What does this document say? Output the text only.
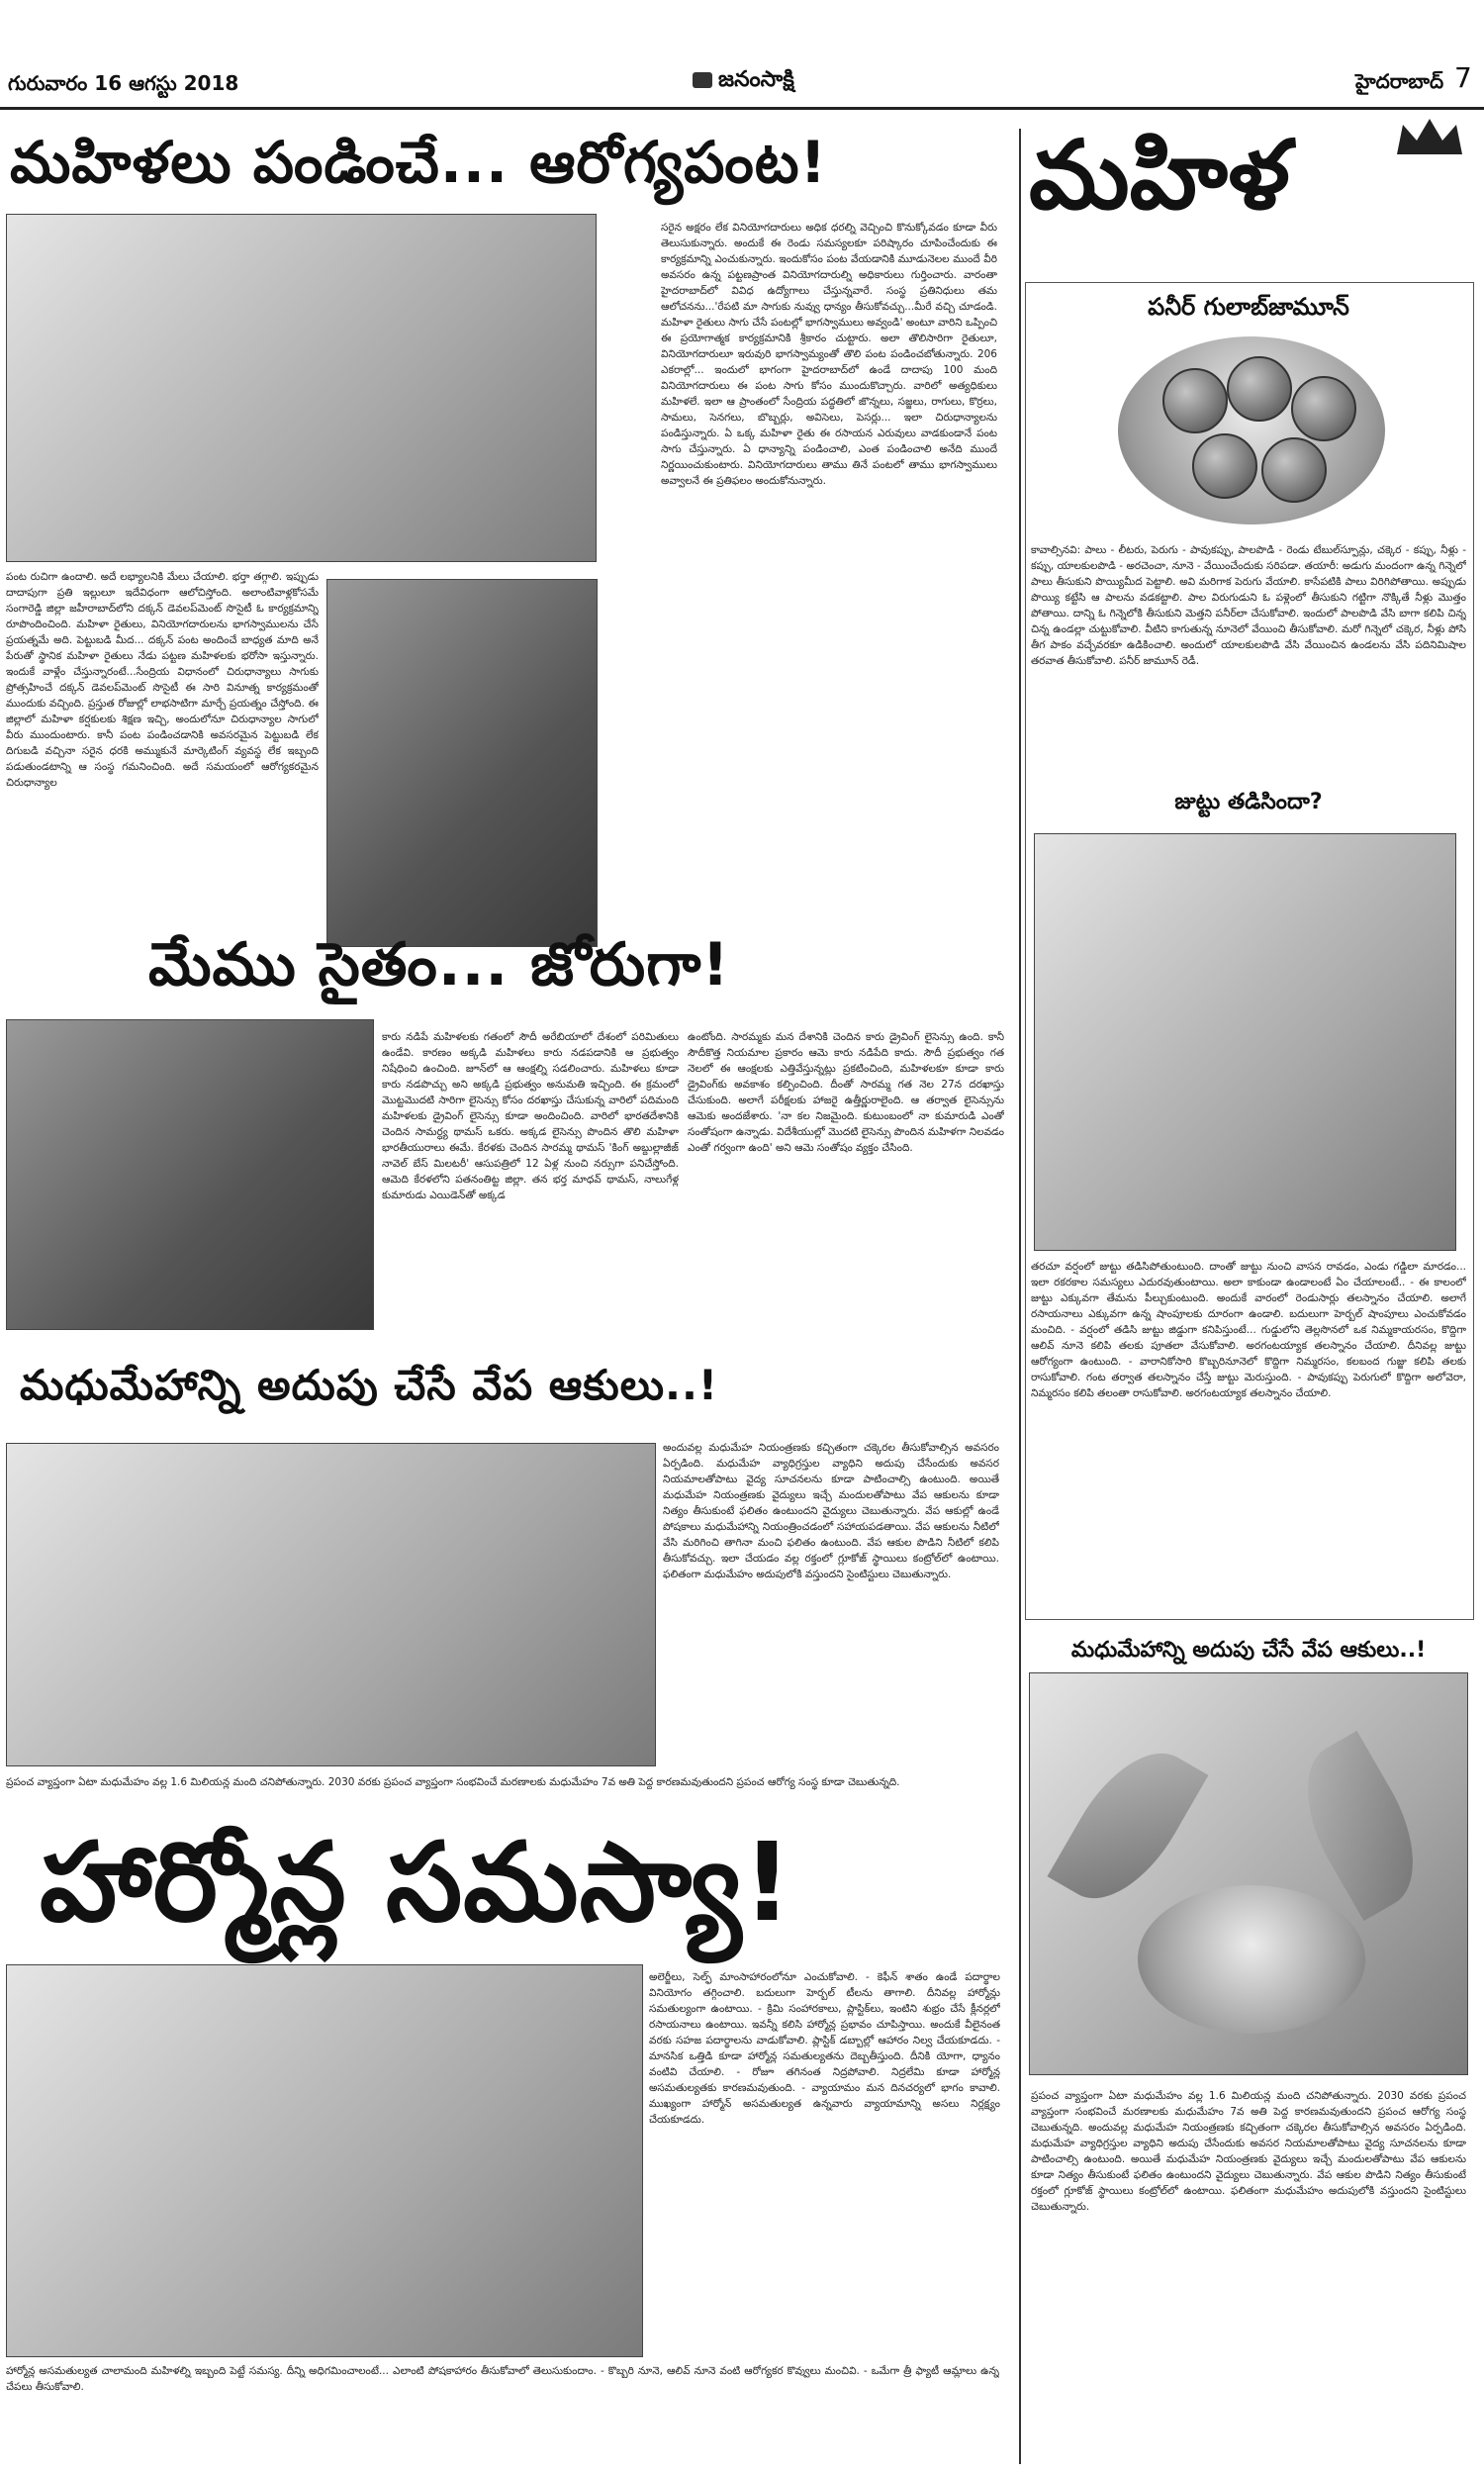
గురువారం 16 ఆగస్టు 2018	జనంసాక్షి	హైదరాబాద్ 7
మహిళలు పండించే... ఆరోగ్యపంట!
పంట రుచిగా ఉందాలి. అదే లభ్యాలనికి మేలు చేయాలి. భర్తా తగ్గాలి. ఇప్పుడు దాదాపుగా ప్రతి ఇల్లులూ ఇదేవిధంగా ఆలోచిస్తోంది. అలాంటివాళ్లకోసమే సంగారెడ్డి జిల్లా జహీరాబాద్‌లోని దక్కన్ డెవలప్‌మెంట్ సొసైటీ ఓ కార్యక్రమాన్ని రూపొందించింది. మహిళా రైతులు, వినియోగదారులను భాగస్వాములను చేసే ప్రయత్నమే అది. పెట్టుబడి మీద... దక్కన్ పంట అందించే బాధ్యత మాది అనే పేరుతో స్థానిక మహిళా రైతులు నేడు పట్టణ మహిళలకు భరోసా ఇస్తున్నారు. ఇందుకే వాళ్లేం చేస్తున్నారంటే...సేంద్రియ విధానంలో చిరుధాన్యాలు సాగుకు ప్రోత్సహించే దక్కన్ డెవలప్‌మెంట్ సొసైటీ ఈ సారి వినూత్న కార్యక్రమంతో ముందుకు వచ్చింది. ప్రస్తుత రోజుల్లో లాభసాటిగా మార్చే ప్రయత్నం చేస్తోంది. ఈ జిల్లాలో మహిళా కర్షకులకు శిక్షణ ఇచ్చి, అందులోనూ చిరుధాన్యాల సాగులో వీరు ముందుంటారు. కానీ పంట పండించడానికి అవసరమైన పెట్టుబడి లేక దిగుబడి వచ్చినా సరైన ధరకి అమ్ముకునే మార్కెటింగ్ వ్యవస్థ లేక ఇబ్బంది పడుతుండటాన్ని ఆ సంస్థ గమనించింది. అదే సమయంలో ఆరోగ్యకరమైన చిరుధాన్యాల
సరైన అక్షరం లేక వినియోగదారులు అధిక ధరల్ని వెచ్చించి కొనుక్కోవడం కూడా వీరు తెలుసుకున్నారు. అందుకే ఈ రెండు సమస్యలకూ పరిష్కారం చూపించేందుకు ఈ కార్యక్రమాన్ని ఎంచుకున్నారు. ఇందుకోసం పంట వేయడానికి మూడునెలల ముందే వీరి అవసరం ఉన్న పట్టణప్రాంత వినియోగదారుల్ని అధికారులు గుర్తించారు. వారంతా హైదరాబాద్‌లో వివిధ ఉద్యోగాలు చేస్తున్నవారే. సంస్థ ప్రతినిధులు తమ ఆలోచనను...'రేపటి మా సాగుకు నువ్వు ధాన్యం తీసుకోవచ్చు...మీరే వచ్చి చూడండి. మహిళా రైతులు సాగు చేసే పంటల్లో భాగస్వాములు అవ్వండి' అంటూ వారిని ఒప్పించి ఈ ప్రయోగాత్మక కార్యక్రమానికి శ్రీకారం చుట్టారు. అలా తొలిసారిగా రైతులూ, వినియోగదారులూ ఇరువురి భాగస్వామ్యంతో తొలి పంట పండించబోతున్నారు. 206 ఎకరాల్లో... ఇందులో భాగంగా హైదరాబాద్‌లో ఉండే దాదాపు 100 మంది వినియోగదారులు ఈ పంట సాగు కోసం ముందుకొచ్చారు. వారిలో అత్యధికులు మహిళలే. ఇలా ఆ ప్రాంతంలో సేంద్రియ పద్ధతిలో జొన్నలు, సజ్జలు, రాగులు, కొర్రలు, సామలు, సెనగలు, బొబ్బర్లు, అవిసెలు, పెసర్లు... ఇలా చిరుధాన్యాలను పండిస్తున్నారు. ఏ ఒక్క మహిళా రైతు ఈ రసాయన ఎరువులు వాడకుండానే పంట సాగు చేస్తున్నారు. ఏ ధాన్యాన్ని పండించాలి, ఎంత పండించాలి అనేది ముందే నిర్ణయించుకుంటారు. వినియోగదారులు తాము తినే పంటలో తాము భాగస్వాములు అవ్వాలనే ఈ ప్రతిఫలం అందుకోనున్నారు.
మేము సైతం... జోరుగా!
కారు నడిపే మహిళలకు గతంలో సౌదీ అరేబియాలో దేశంలో పరిమితులు ఉండేవి. కారణం అక్కడి మహిళలు కారు నడపడానికి ఆ ప్రభుత్వం నిషేధించి ఉంచింది. జూన్‌లో ఆ ఆంక్షల్ని సడలించారు. మహిళలు కూడా కారు నడపొచ్చు అని అక్కడి ప్రభుత్వం అనుమతి ఇచ్చింది. ఈ క్రమంలో మొట్టమొదటి సారిగా లైసెన్సు కోసం దరఖాస్తు చేసుకున్న వారిలో పదిమంది మహిళలకు డ్రైవింగ్ లైసెన్సు కూడా అందించింది. వారిలో భారతదేశానికి చెందిన సామర్ధ్య థామస్ ఒకరు. అక్కడ లైసెన్సు పొందిన తొలి మహిళా భారతీయురాలు ఈమే. కేరళకు చెందిన సారమ్మ థామస్ 'కింగ్ అబ్దుల్లాజీజ్ నావెల్ బేస్ మిలటరీ' ఆసుపత్రిలో 12 ఏళ్ల నుంచి నర్సుగా పనిచేస్తోంది. ఆమెది కేరళలోని పతనంతిట్ట జిల్లా. తన భర్త మాధవ్ థామస్, నాలుగేళ్ల కుమారుడు ఎయిడెన్‌తో అక్కడ
ఉంటోంది. సారమ్మకు మన దేశానికి చెందిన కారు డ్రైవింగ్ లైసెన్సు ఉంది. కానీ సౌదీకొత్త నియమాల ప్రకారం ఆమె కారు నడిపేది కాదు. సౌదీ ప్రభుత్వం గత నెలలో ఈ ఆంక్షలకు ఎత్తివేస్తున్నట్లు ప్రకటించింది, మహిళలకూ కూడా కారు డ్రైవింగ్‌కు అవకాశం కల్పించింది. దీంతో సారమ్మ గత నెల 27న దరఖాస్తు చేసుకుంది. అలాగే పరీక్షలకు హాజరై ఉత్తీర్ణురాలైంది. ఆ తర్వాత లైసెన్సును ఆమెకు అందజేశారు. 'నా కల నిజమైంది. కుటుంబంలో నా కుమారుడి ఎంతో సంతోషంగా ఉన్నాడు. విదేశీయుల్లో మొదటి లైసెన్సు పొందిన మహిళగా నిలవడం ఎంతో గర్వంగా ఉంది' అని ఆమె సంతోషం వ్యక్తం చేసింది.
మధుమేహాన్ని అదుపు చేసే వేప ఆకులు..!
అందువల్ల మధుమేహ నియంత్రణకు కచ్చితంగా చక్కెరల తీసుకోవాల్సిన అవసరం ఏర్పడింది. మధుమేహ వ్యాధిగ్రస్తుల వ్యాధిని అదుపు చేసేందుకు అవసర నియమాలతోపాటు వైద్య సూచనలను కూడా పాటించాల్సి ఉంటుంది. అయితే మధుమేహ నియంత్రణకు వైద్యులు ఇచ్చే మందులతోపాటు వేప ఆకులను కూడా నిత్యం తీసుకుంటే ఫలితం ఉంటుందని వైద్యులు చెబుతున్నారు. వేప ఆకుల్లో ఉండే పోషకాలు మధుమేహాన్ని నియంత్రించడంలో సహాయపడతాయి. వేప ఆకులను నీటిలో వేసి మరిగించి తాగినా మంచి ఫలితం ఉంటుంది. వేప ఆకుల పొడిని నీటిలో కలిపి తీసుకోవచ్చు. ఇలా చేయడం వల్ల రక్తంలో గ్లూకోజ్ స్థాయిలు కంట్రోల్‌లో ఉంటాయి. ఫలితంగా మధుమేహం అదుపులోకి వస్తుందని సైంటిస్టులు చెబుతున్నారు.
ప్రపంచ వ్యాప్తంగా ఏటా మధుమేహం వల్ల 1.6 మిలియన్ల మంది చనిపోతున్నారు. 2030 వరకు ప్రపంచ వ్యాప్తంగా సంభవించే మరణాలకు మధుమేహం 7వ అతి పెద్ద కారణమవుతుందని ప్రపంచ ఆరోగ్య సంస్థ కూడా చెబుతున్నది.
హార్మోన్ల సమస్యా!
అలెర్జీలు, సెల్ఫ్ మాంసాహారంలోనూ ఎంచుకోవాలి. - కెఫీన్ శాతం ఉండే పదార్థాల వినియోగం తగ్గించాలి. బదులుగా హెర్బల్ టీలను తాగాలి. దీనివల్ల హార్మోన్లు సమతుల్యంగా ఉంటాయి. - క్రిమి సంహారకాలు, ప్లాస్టిక్‌లు, ఇంటిని శుభ్రం చేసే క్లీనర్లలో రసాయనాలు ఉంటాయి. ఇవన్నీ కలిసి హార్మోన్ల ప్రభావం చూపిస్తాయి. అందుకే వీలైనంత వరకు సహజ పదార్థాలను వాడుకోవాలి. ప్లాస్టిక్ డబ్బాల్లో ఆహారం నిల్వ చేయకూడదు. - మానసిక ఒత్తిడి కూడా హార్మోన్ల సమతుల్యతను దెబ్బతీస్తుంది. దీనికి యోగా, ధ్యానం వంటివి చేయాలి. - రోజూ తగినంత నిద్రపోవాలి. నిద్రలేమి కూడా హార్మోన్ల అసమతుల్యతకు కారణమవుతుంది. - వ్యాయామం మన దినచర్యలో భాగం కావాలి. ముఖ్యంగా హార్మోన్ అసమతుల్యత ఉన్నవారు వ్యాయామాన్ని అసలు నిర్లక్ష్యం చేయకూడదు.
హార్మోన్ల అసమతుల్యత చాలామంది మహిళల్ని ఇబ్బంది పెట్టే సమస్య. దీన్ని అధిగమించాలంటే... ఎలాంటి పోషకాహారం తీసుకోవాలో తెలుసుకుందాం. - కొబ్బరి నూనె, ఆలివ్ నూనె వంటి ఆరోగ్యకర కొవ్వులు మంచివి. - ఒమేగా త్రీ ఫ్యాటీ ఆమ్లాలు ఉన్న చేపలు తీసుకోవాలి.
మహిళ
పనీర్ గులాబ్‌జామూన్
కావాల్సినవి: పాలు - లీటరు, పెరుగు - పావుకప్పు, పాలపొడి - రెండు టేబుల్‌స్పూన్లు, చక్కెర - కప్పు, నీళ్లు - కప్పు, యాలకులపొడి - అరచెంచా, నూనె - వేయించేందుకు సరిపడా. తయారీ: అడుగు మందంగా ఉన్న గిన్నెలో పాలు తీసుకుని పొయ్యిమీద పెట్టాలి. అవి మరిగాక పెరుగు వేయాలి. కాసేపటికి పాలు విరిగిపోతాయి. అప్పుడు పొయ్యి కట్టేసి ఆ పాలను వడకట్టాలి. పాల విరుగుడుని ఓ పళ్లెంలో తీసుకుని గట్టిగా నొక్కితే నీళ్లు మొత్తం పోతాయి. దాన్ని ఓ గిన్నెలోకి తీసుకుని మెత్తని పనీర్‌లా చేసుకోవాలి. ఇందులో పాలపొడి వేసి బాగా కలిపి చిన్న చిన్న ఉండల్లా చుట్టుకోవాలి. వీటిని కాగుతున్న నూనెలో వేయించి తీసుకోవాలి. మరో గిన్నెలో చక్కెర, నీళ్లు పోసి తీగ పాకం వచ్చేవరకూ ఉడికించాలి. అందులో యాలకులపొడి వేసి వేయించిన ఉండలను వేసి పదినిమిషాల తరవాత తీసుకోవాలి. పనీర్ జామూన్ రెడీ.
జుట్టు తడిసిందా?
తరచూ వర్షంలో జుట్టు తడిసిపోతుంటుంది. దాంతో జుట్టు నుంచి వాసన రావడం, ఎండు గడ్డిలా మారడం... ఇలా రకరకాల సమస్యలు ఎదురవుతుంటాయి. అలా కాకుండా ఉండాలంటే ఏం చేయాలంటే.. - ఈ కాలంలో జుట్టు ఎక్కువగా తేమను పీల్చుకుంటుంది. అందుకే వారంలో రెండుసార్లు తలస్నానం చేయాలి. అలాగే రసాయనాలు ఎక్కువగా ఉన్న షాంపూలకు దూరంగా ఉండాలి. బదులుగా హెర్బల్ షాంపూలు ఎంచుకోవడం మంచిది. - వర్షంలో తడిసి జుట్టు జిడ్డుగా కనిపిస్తుంటే... గుడ్డులోని తెల్లసొనలో ఒక నిమ్మకాయరసం, కొద్దిగా ఆలివ్ నూనె కలిపి తలకు పూతలా వేసుకోవాలి. అరగంటయ్యాక తలస్నానం చేయాలి. దీనివల్ల జుట్టు ఆరోగ్యంగా ఉంటుంది. - వారానికోసారి కొబ్బరినూనెలో కొద్దిగా నిమ్మరసం, కలబంద గుజ్జు కలిపి తలకు రాసుకోవాలి. గంట తర్వాత తలస్నానం చేస్తే జుట్టు మెరుస్తుంది. - పావుకప్పు పెరుగులో కొద్దిగా అలోవెరా, నిమ్మరసం కలిపి తలంతా రాసుకోవాలి. అరగంటయ్యాక తలస్నానం చేయాలి.
మధుమేహాన్ని అదుపు చేసే వేప ఆకులు..!
ప్రపంచ వ్యాప్తంగా ఏటా మధుమేహం వల్ల 1.6 మిలియన్ల మంది చనిపోతున్నారు. 2030 వరకు ప్రపంచ వ్యాప్తంగా సంభవించే మరణాలకు మధుమేహం 7వ అతి పెద్ద కారణమవుతుందని ప్రపంచ ఆరోగ్య సంస్థ చెబుతున్నది. అందువల్ల మధుమేహ నియంత్రణకు కచ్చితంగా చక్కెరల తీసుకోవాల్సిన అవసరం ఏర్పడింది. మధుమేహ వ్యాధిగ్రస్తుల వ్యాధిని అదుపు చేసేందుకు అవసర నియమాలతోపాటు వైద్య సూచనలను కూడా పాటించాల్సి ఉంటుంది. అయితే మధుమేహ నియంత్రణకు వైద్యులు ఇచ్చే మందులతోపాటు వేప ఆకులను కూడా నిత్యం తీసుకుంటే ఫలితం ఉంటుందని వైద్యులు చెబుతున్నారు. వేప ఆకుల పొడిని నిత్యం తీసుకుంటే రక్తంలో గ్లూకోజ్ స్థాయిలు కంట్రోల్‌లో ఉంటాయి. ఫలితంగా మధుమేహం అదుపులోకి వస్తుందని సైంటిస్టులు చెబుతున్నారు.
